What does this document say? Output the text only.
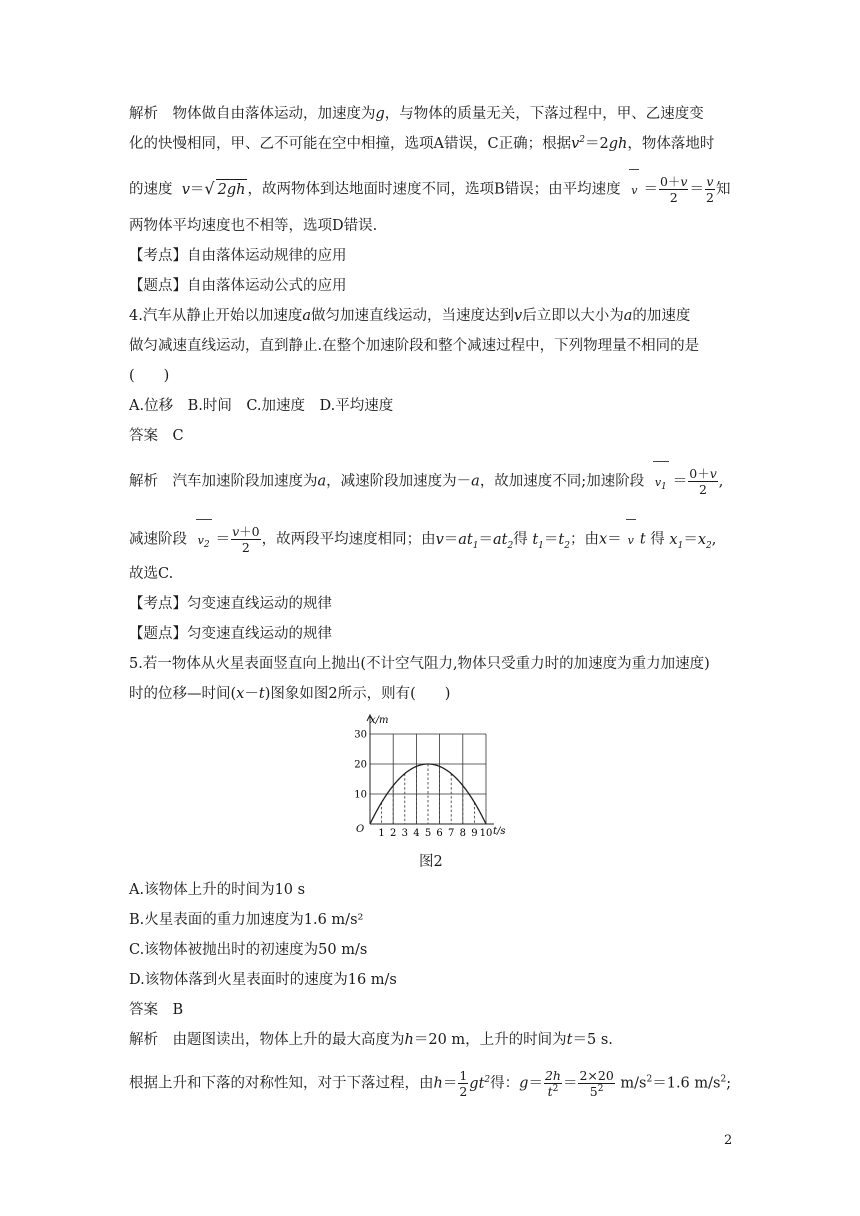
解析　物体做自由落体运动，加速度为g，与物体的质量无关，下落过程中，甲、乙速度变
化的快慢相同，甲、乙不可能在空中相撞，选项A错误，C正确；根据$v^2=2gh$，物体落地时
的速度 v＝√ 2gh ，故两物体到达地面时速度不同，选项B错误；由平均速度 $v = \frac{0+v}{2} = \frac{v}{2}$ 知
两物体平均速度也不相等，选项D错误.
【考点】自由落体运动规律的应用
【题点】自由落体运动公式的应用
4.汽车从静止开始以加速度a做匀加速直线运动，当速度达到v后立即以大小为a的加速度
做匀减速直线运动，直到静止.在整个加速阶段和整个减速过程中，下列物理量不相同的是
(　　)
A.位移　B.时间　C.加速度　D.平均速度
答案　C
解析　汽车加速阶段加速度为a，减速阶段加速度为－a，故加速度不同;加速阶段 $v_1 = \frac{0+v}{2}$ ,
减速阶段 $v_2 = \frac{v+0}{2}$ ，故两段平均速度相同；由$v=at_1=at_2$得 $t_1=t_2$；由x＝ v t 得 $x_1=x_2$,
故选C.
【考点】匀变速直线运动的规律
【题点】匀变速直线运动的规律
5.若一物体从火星表面竖直向上抛出(不计空气阻力,物体只受重力时的加速度为重力加速度)
时的位移—时间(x－t)图象如图2所示，则有(　　)
1 2 3 4 5 6 7 8 9 10
10
20
30
x/m
t/s
O
图2
A.该物体上升的时间为10 s
B.火星表面的重力加速度为1.6 m/s²
C.该物体被抛出时的初速度为50 m/s
D.该物体落到火星表面时的速度为16 m/s
答案　B
解析　由题图读出，物体上升的最大高度为h＝20 m，上升的时间为t＝5 s.
根据上升和下落的对称性知，对于下落过程，由$h= \frac{1}{2} gt^2$得：$g= \frac{2h}{t^2} = \frac{2\times 20}{5^2} m/s^2=1.6$ $m/s^2$;
2
